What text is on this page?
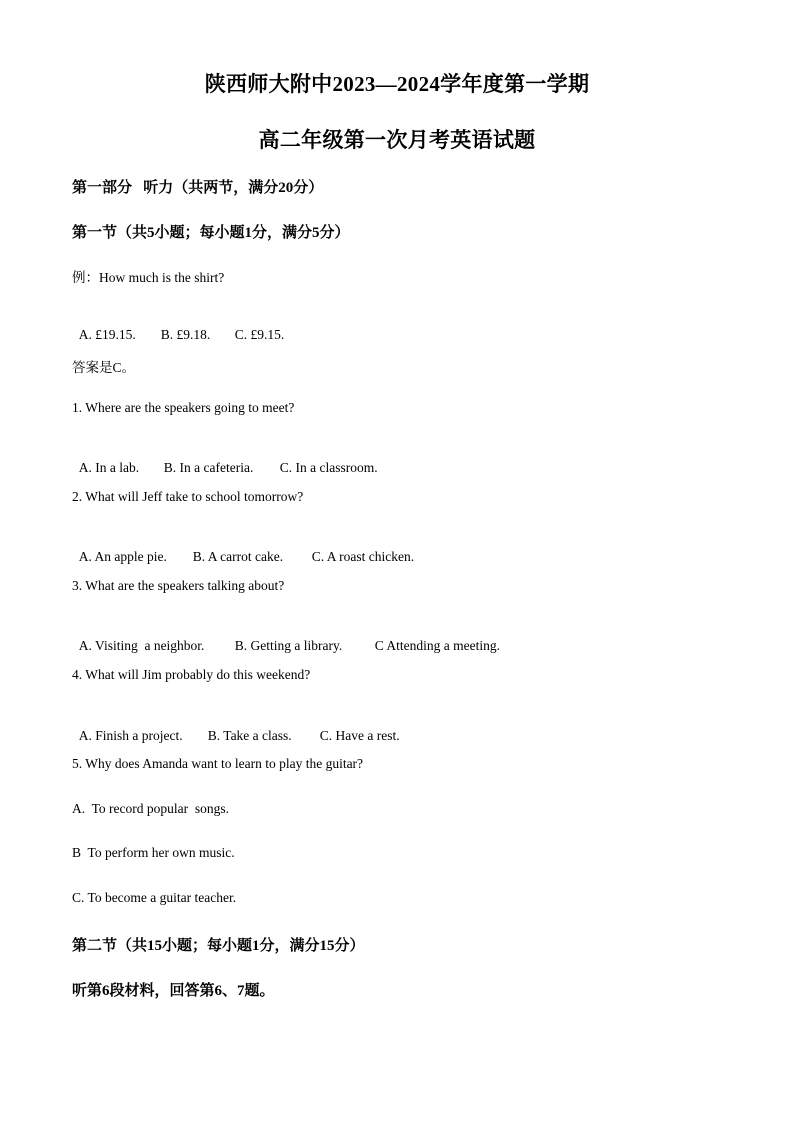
陕西师大附中2023—2024学年度第一学期
高二年级第一次月考英语试题
第一部分   听力（共两节，满分20分）
第一节（共5小题；每小题1分，满分5分）
例：How much is the shirt?

A. £19.15. B. £9.18. C. £9.15.

答案是C。
1. Where are the speakers going to meet?

A. In a lab. B. In a cafeteria. C. In a classroom.

2. What will Jeff take to school tomorrow?

A. An apple pie. B. A carrot cake. C. A roast chicken.

3. What are the speakers talking about?

A. Visiting  a neighbor. B. Getting a library. C Attending a meeting.

4. What will Jim probably do this weekend?

A. Finish a project. B. Take a class. C. Have a rest.

5. Why does Amanda want to learn to play the guitar?
A.  To record popular  songs.
B  To perform her own music.
C. To become a guitar teacher.
第二节（共15小题；每小题1分，满分15分）
听第6段材料，回答第6、7题。
